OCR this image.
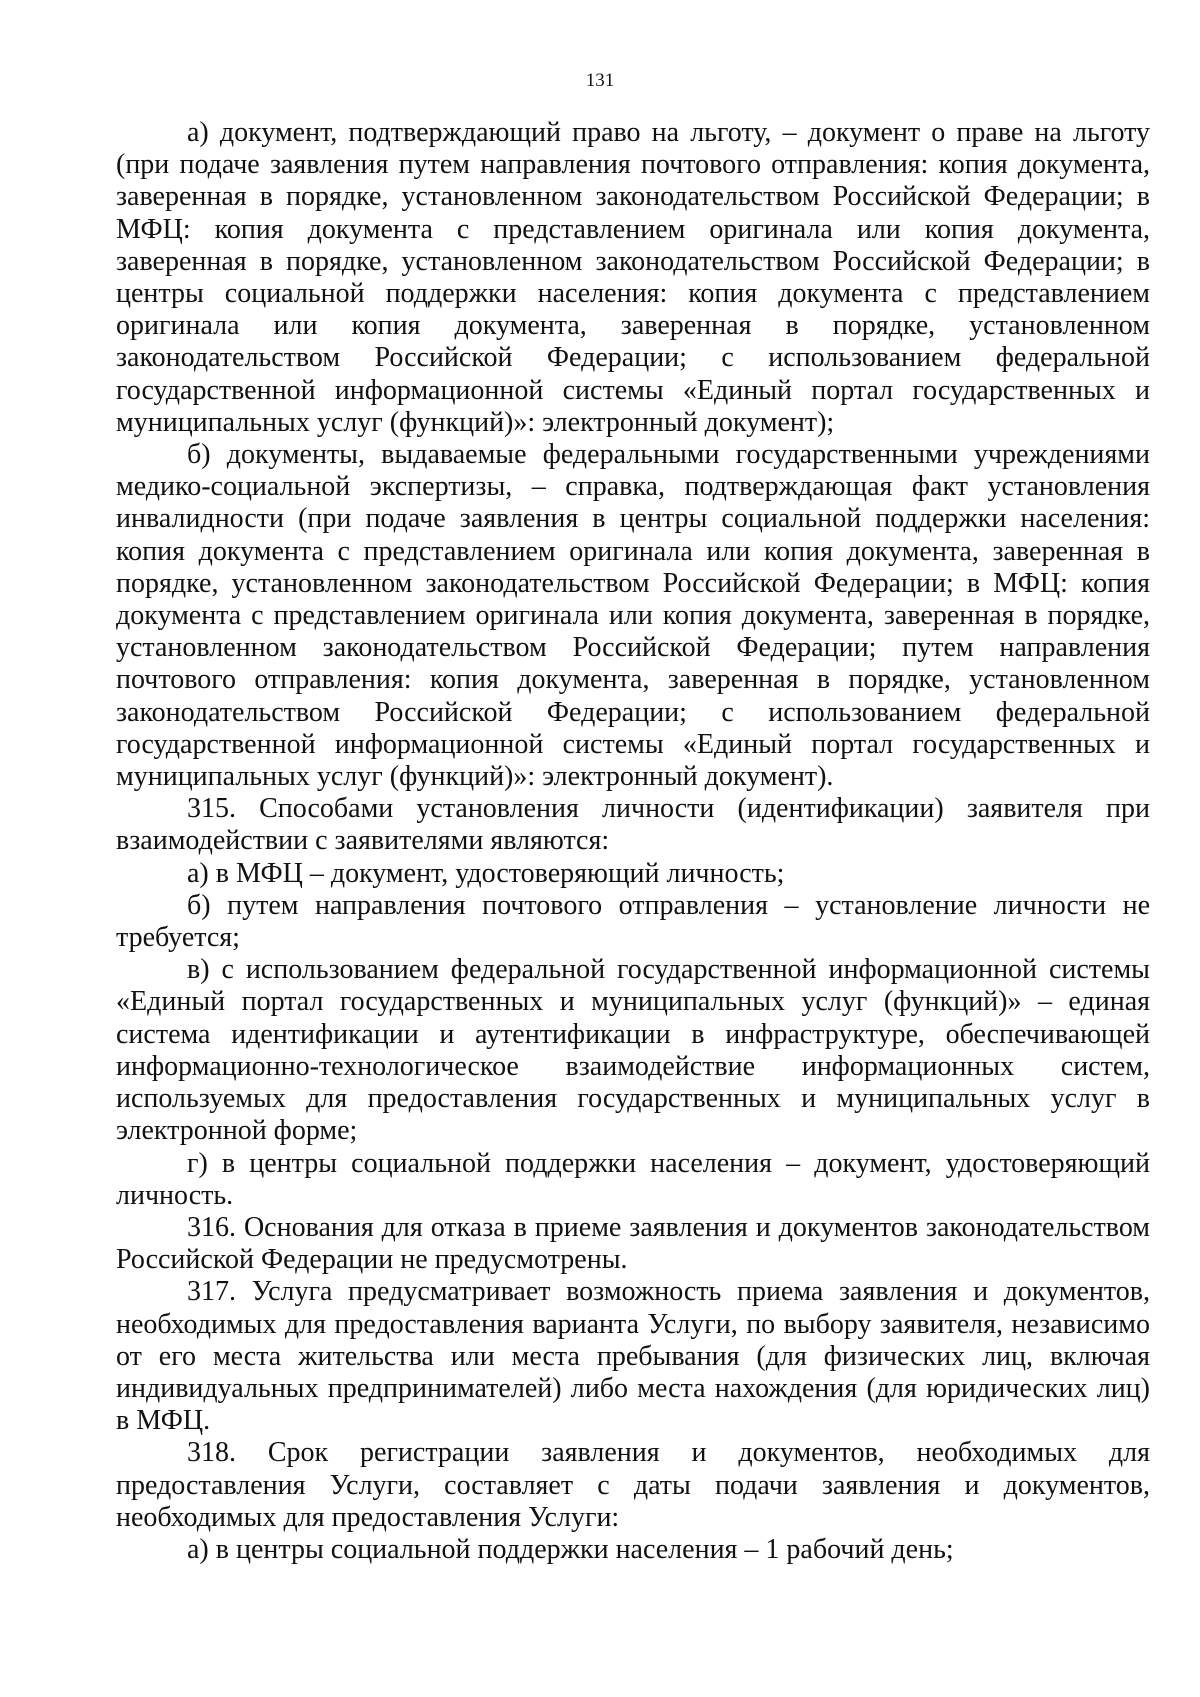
131

а) документ, подтверждающий право на льготу, – документ о праве на льготу (при подаче заявления путем направления почтового отправления: копия документа, заверенная в порядке, установленном законодательством Российской Федерации; в МФЦ: копия документа с представлением оригинала или копия документа, заверенная в порядке, установленном законодательством Российской Федерации; в центры социальной поддержки населения: копия документа с представлением оригинала или копия документа, заверенная в порядке, установленном законодательством Российской Федерации; с использованием федеральной государственной информационной системы «Единый портал государственных и муниципальных услуг (функций)»: электронный документ);

б) документы, выдаваемые федеральными государственными учреждениями медико-социальной экспертизы, – справка, подтверждающая факт установления инвалидности (при подаче заявления в центры социальной поддержки населения: копия документа с представлением оригинала или копия документа, заверенная в порядке, установленном законодательством Российской Федерации; в МФЦ: копия документа с представлением оригинала или копия документа, заверенная в порядке, установленном законодательством Российской Федерации; путем направления почтового отправления: копия документа, заверенная в порядке, установленном законодательством Российской Федерации; с использованием федеральной государственной информационной системы «Единый портал государственных и муниципальных услуг (функций)»: электронный документ).

315. Способами установления личности (идентификации) заявителя при взаимодействии с заявителями являются:

а) в МФЦ – документ, удостоверяющий личность;

б) путем направления почтового отправления – установление личности не требуется;

в) с использованием федеральной государственной информационной системы «Единый портал государственных и муниципальных услуг (функций)» – единая система идентификации и аутентификации в инфраструктуре, обеспечивающей информационно-технологическое взаимодействие информационных систем, используемых для предоставления государственных и муниципальных услуг в электронной форме;

г) в центры социальной поддержки населения – документ, удостоверяющий личность.

316. Основания для отказа в приеме заявления и документов законодательством Российской Федерации не предусмотрены.

317. Услуга предусматривает возможность приема заявления и документов, необходимых для предоставления варианта Услуги, по выбору заявителя, независимо от его места жительства или места пребывания (для физических лиц, включая индивидуальных предпринимателей) либо места нахождения (для юридических лиц) в МФЦ.

318. Срок регистрации заявления и документов, необходимых для предоставления Услуги, составляет с даты подачи заявления и документов, необходимых для предоставления Услуги:

а) в центры социальной поддержки населения – 1 рабочий день;
